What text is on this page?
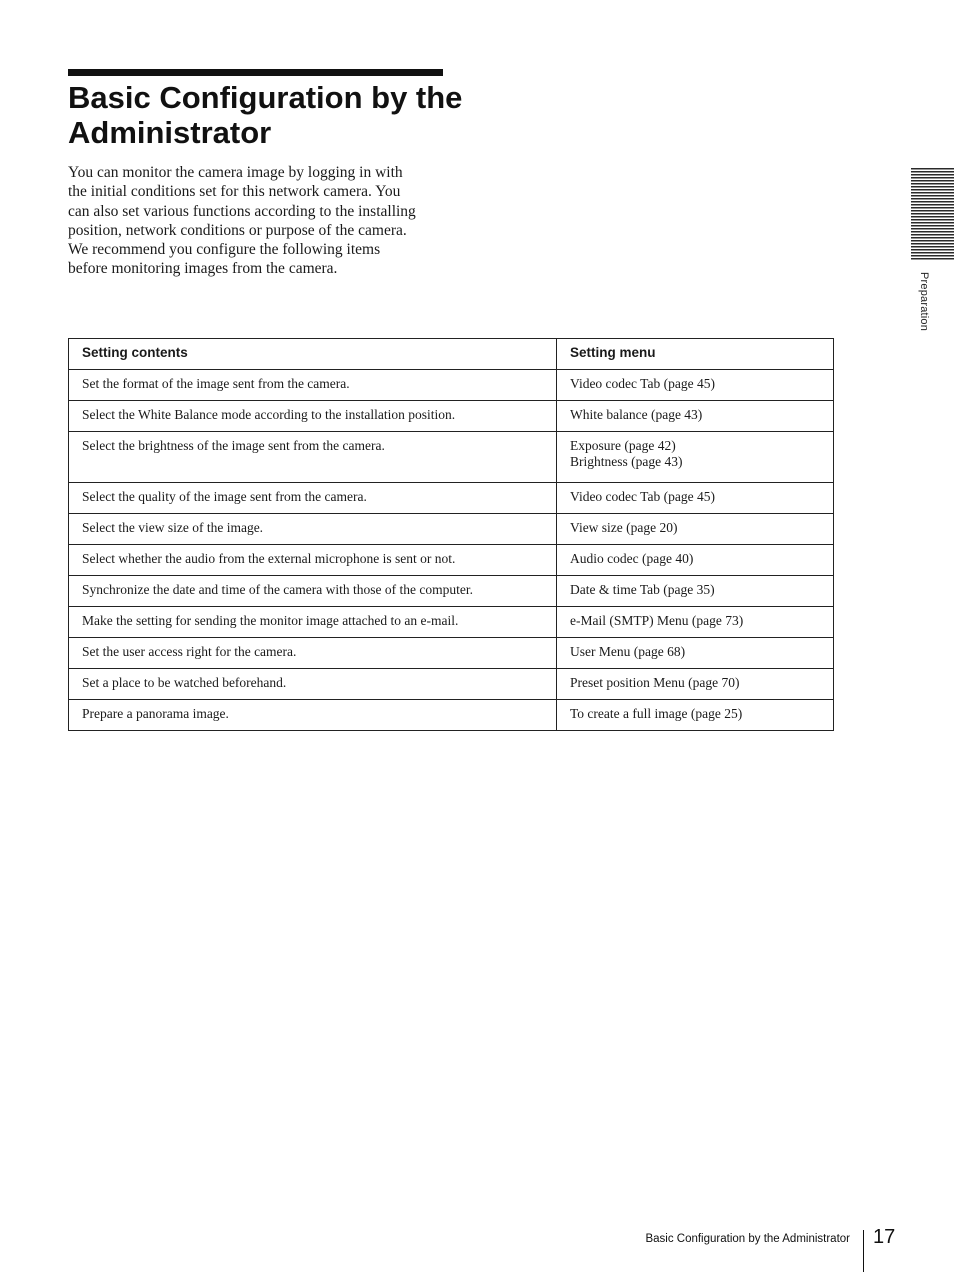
Basic Configuration by the Administrator

You can monitor the camera image by logging in with
the initial conditions set for this network camera. You
can also set various functions according to the installing
position, network conditions or purpose of the camera.
We recommend you configure the following items
before monitoring images from the camera.

Preparation
Setting contents	Setting menu
Set the format of the image sent from the camera.	Video codec Tab (page 45)
Select the White Balance mode according to the installation position.	White balance (page 43)
Select the brightness of the image sent from the camera.	Exposure (page 42)
Brightness (page 43)
Select the quality of the image sent from the camera.	Video codec Tab (page 45)
Select the view size of the image.	View size (page 20)
Select whether the audio from the external microphone is sent or not.	Audio codec (page 40)
Synchronize the date and time of the camera with those of the computer.	Date & time Tab (page 35)
Make the setting for sending the monitor image attached to an e-mail.	e-Mail (SMTP) Menu (page 73)
Set the user access right for the camera.	User Menu (page 68)
Set a place to be watched beforehand.	Preset position Menu (page 70)
Prepare a panorama image.	To create a full image (page 25)
Basic Configuration by the Administrator 17
